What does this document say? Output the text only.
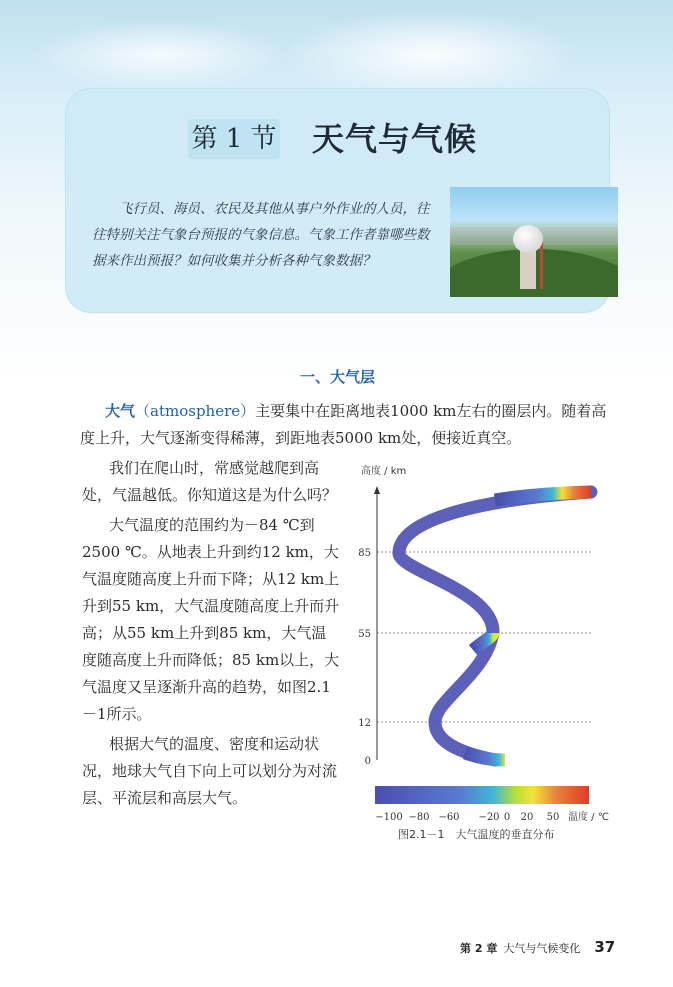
第 1 节 天气与气候
飞行员、海员、农民及其他从事户外作业的人员，往往特别关注气象台预报的气象信息。气象工作者靠哪些数据来作出预报？如何收集并分析各种气象数据？
一、大气层
大气（atmosphere）主要集中在距离地表1000 km左右的圈层内。随着高度上升，大气逐渐变得稀薄，到距地表5000 km处，便接近真空。

我们在爬山时，常感觉越爬到高处，气温越低。你知道这是为什么吗？

大气温度的范围约为－84 ℃到2500 ℃。从地表上升到约12 km，大气温度随高度上升而下降；从12 km上升到55 km，大气温度随高度上升而升高；从55 km上升到85 km，大气温度随高度上升而降低；85 km以上，大气温度又呈逐渐升高的趋势，如图2.1－1所示。

根据大气的温度、密度和运动状况，地球大气自下向上可以划分为对流层、平流层和高层大气。

高度 / km
0
12
55
85
−100 −80 −60 −20 0 20 50 温度 / ℃
图2.1－1　大气温度的垂直分布
第 2 章 大气与气候变化 37
